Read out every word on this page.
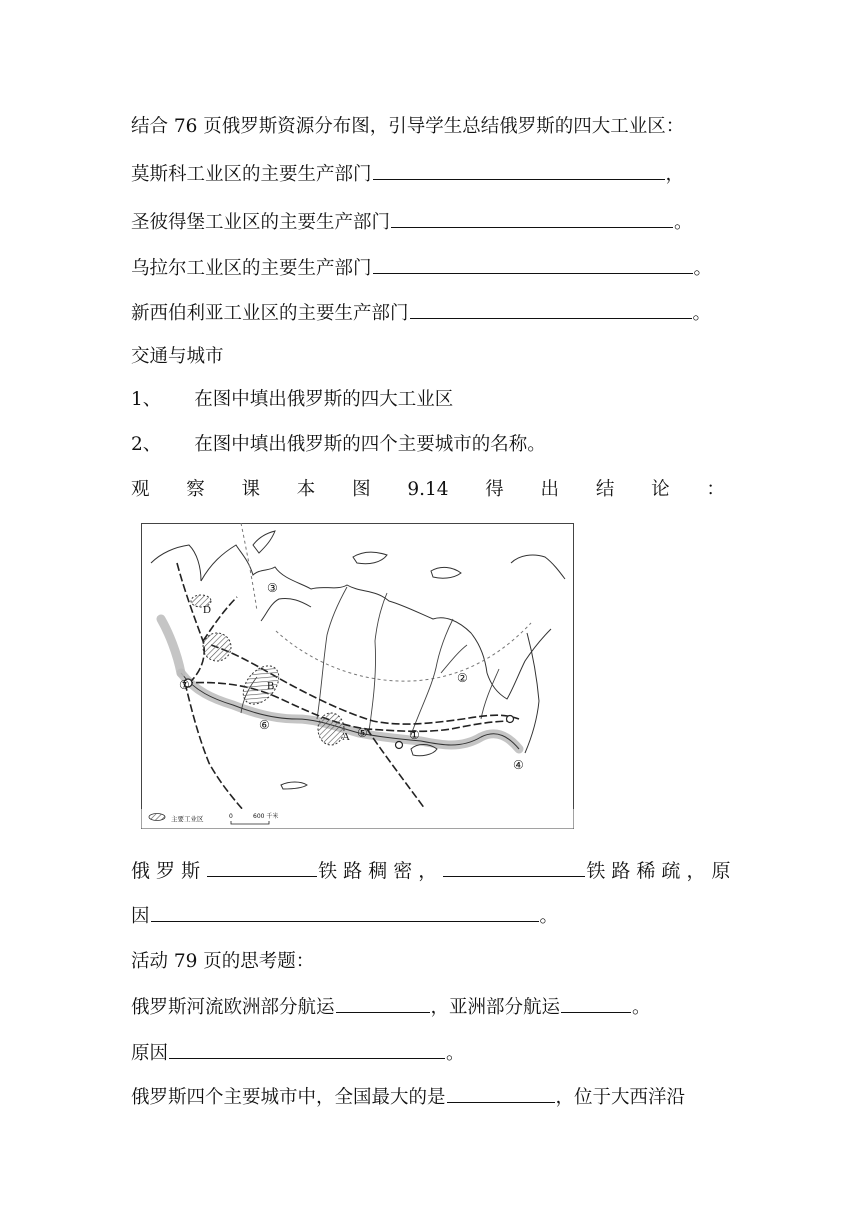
结合 76 页俄罗斯资源分布图，引导学生总结俄罗斯的四大工业区：
莫斯科工业区的主要生产部门	，
圣彼得堡工业区的主要生产部门	。
乌拉尔工业区的主要生产部门	。
新西伯利亚工业区的主要生产部门	。
交通与城市
1、 在图中填出俄罗斯的四大工业区
2、 在图中填出俄罗斯的四个主要城市的名称。
观 察 课 本 图 9.14 得 出 结 论 ：
D
B
A	①
②
③
④
⑤
⑥
⑦
主要工业区	0	600 千米
俄 罗 斯	铁 路 稠 密 ，	铁 路 稀 疏 ， 原
因	。
活动 79 页的思考题：
俄罗斯河流欧洲部分航运	，亚洲部分航运	。
原因	。
俄罗斯四个主要城市中，全国最大的是	，位于大西洋沿
